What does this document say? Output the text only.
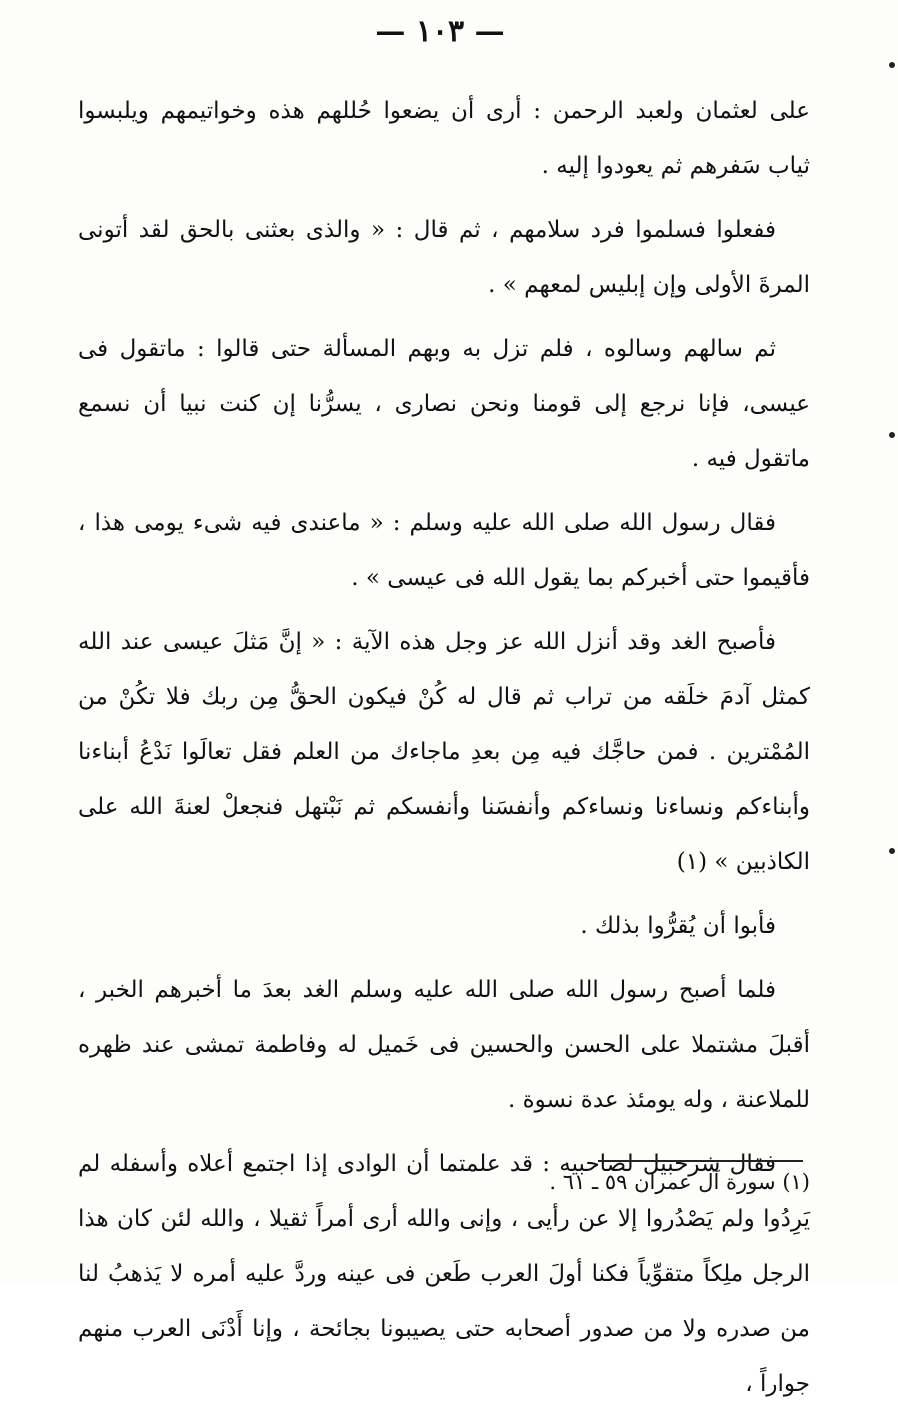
— ١٠٣ —

على لعثمان ولعبد الرحمن : أرى أن يضعوا حُللهم هذه وخواتيمهم ويلبسوا ثياب سَفرهم ثم يعودوا إليه .

ففعلوا فسلموا فرد سلامهم ، ثم قال : « والذى بعثنى بالحق لقد أتونى المرةَ الأولى وإن إبليس لمعهم » .

ثم سالهم وسالوه ، فلم تزل به وبهم المسألة حتى قالوا : ماتقول فى عيسى، فإنا نرجع إلى قومنا ونحن نصارى ، يسرُّنا إن كنت نبيا أن نسمع ماتقول فيه .

فقال رسول الله صلى الله عليه وسلم : « ماعندى فيه شىء يومى هذا ، فأقيموا حتى أخبركم بما يقول الله فى عيسى » .

فأصبح الغد وقد أنزل الله عز وجل هذه الآية : « إنَّ مَثلَ عيسى عند الله كمثل آدمَ خلَقه من تراب ثم قال له كُنْ فيكون الحقُّ مِن ربك فلا تكُنْ من المُمْترين . فمن حاجَّك فيه مِن بعدِ ماجاءك من العلم فقل تعالَوا نَدْعُ أبناءنا وأبناءكم ونساءنا ونساءكم وأنفسَنا وأنفسكم ثم نَبْتهل فنجعلْ لعنةَ الله على الكاذبين » (١)

فأبوا أن يُقرُّوا بذلك .

فلما أصبح رسول الله صلى الله عليه وسلم الغد بعدَ ما أخبرهم الخبر ، أقبلَ مشتملا على الحسن والحسين فى خَميل له وفاطمة تمشى عند ظهره للملاعنة ، وله يومئذ عدة نسوة .

فقال شرحبيل لصاحبيه : قد علمتما أن الوادى إذا اجتمع أعلاه وأسفله لم يَرِدُوا ولم يَصْدُروا إلا عن رأيى ، وإنى والله أرى أمراً ثقيلا ، والله لئن كان هذا الرجل ملِكاً متقوِّياً فكنا أولَ العرب طَعن فى عينه وردَّ عليه أمره لا يَذهبُ لنا من صدره ولا من صدور أصحابه حتى يصيبونا بجائحة ، وإنا أَدْنَى العرب منهم جواراً ،

(١) سورة آل عمران ٥٩ ـ ٦١ .
